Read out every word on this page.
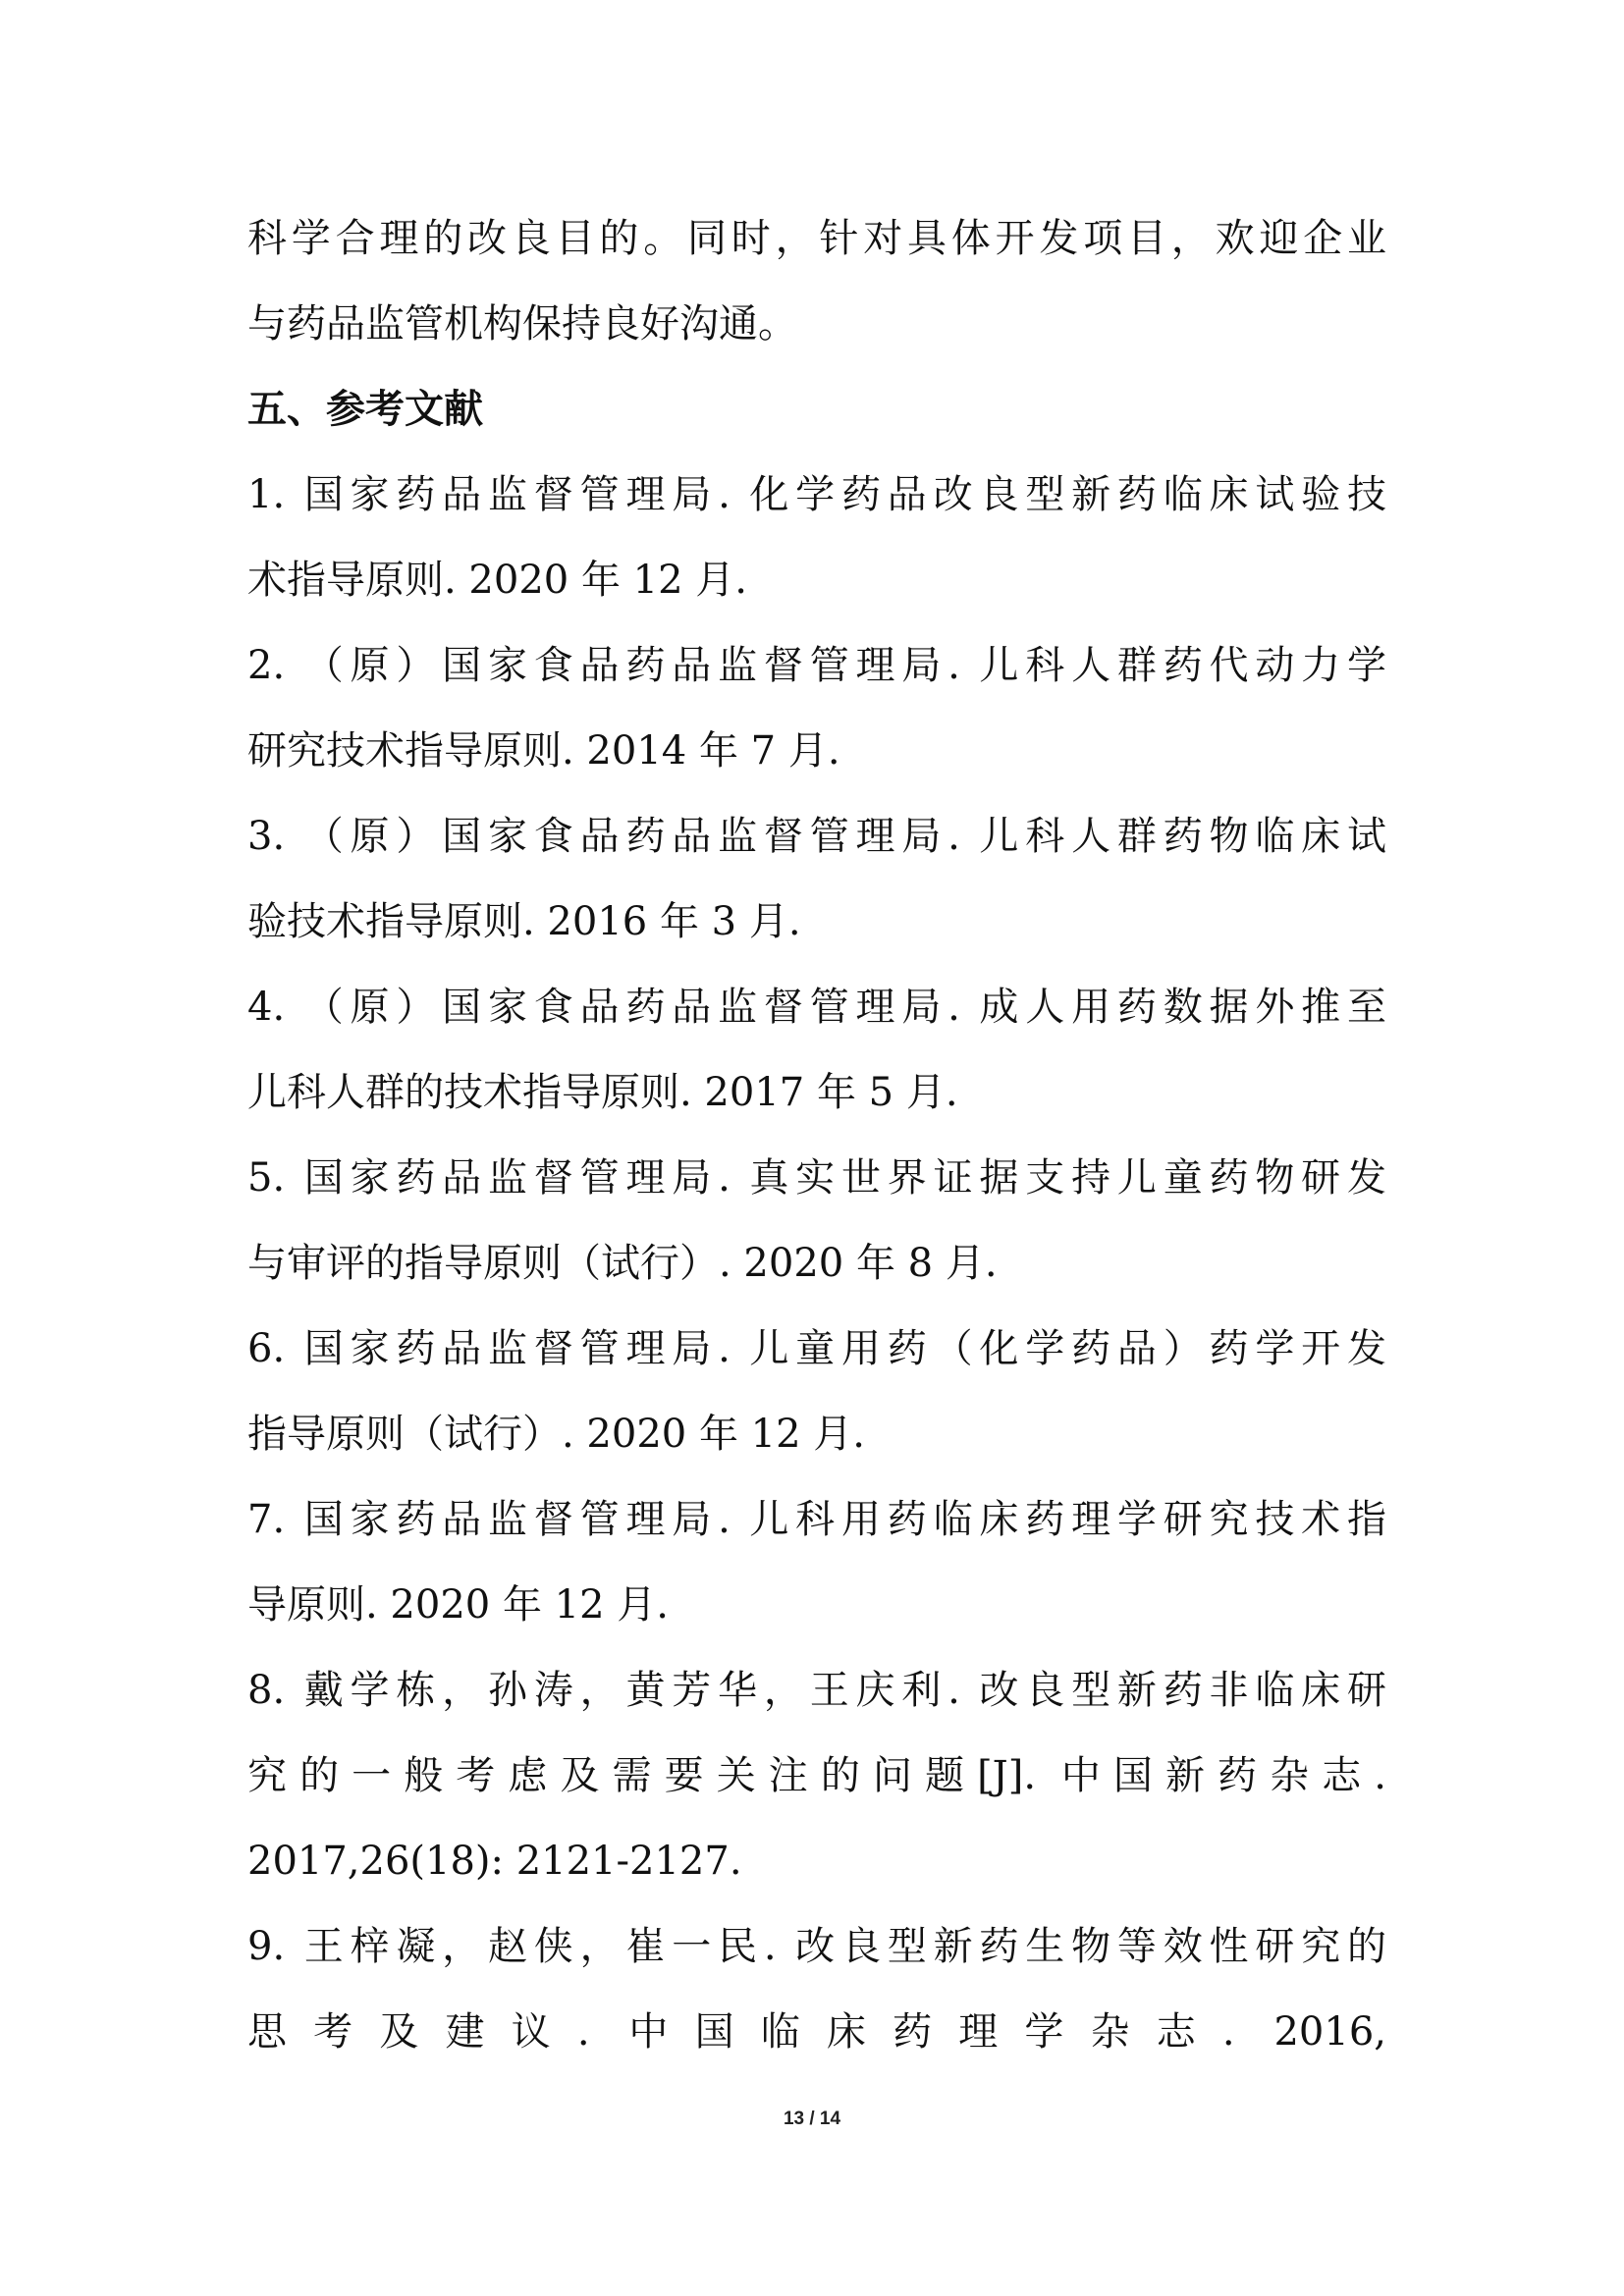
科学合理的改良目的。同时，针对具体开发项目，欢迎企业
与药品监管机构保持良好沟通。
五、参考文献
1. 国家药品监督管理局. 化学药品改良型新药临床试验技
术指导原则. 2020 年 12 月.
2. （原）国家食品药品监督管理局. 儿科人群药代动力学
研究技术指导原则. 2014 年 7 月.
3. （原）国家食品药品监督管理局. 儿科人群药物临床试
验技术指导原则. 2016 年 3 月.
4. （原）国家食品药品监督管理局. 成人用药数据外推至
儿科人群的技术指导原则. 2017 年 5 月.
5. 国家药品监督管理局. 真实世界证据支持儿童药物研发
与审评的指导原则（试行）. 2020 年 8 月.
6. 国家药品监督管理局. 儿童用药（化学药品）药学开发
指导原则（试行）. 2020 年 12 月.
7. 国家药品监督管理局. 儿科用药临床药理学研究技术指
导原则. 2020 年 12 月.
8. 戴学栋，孙涛，黄芳华，王庆利. 改良型新药非临床研
究的一般考虑及需要关注的问题[J]. 中国新药杂志.
2017,26(18): 2121-2127.
9. 王梓凝，赵侠，崔一民. 改良型新药生物等效性研究的
思考及建议. 中国临床药理学杂志. 2016,
13 / 14
